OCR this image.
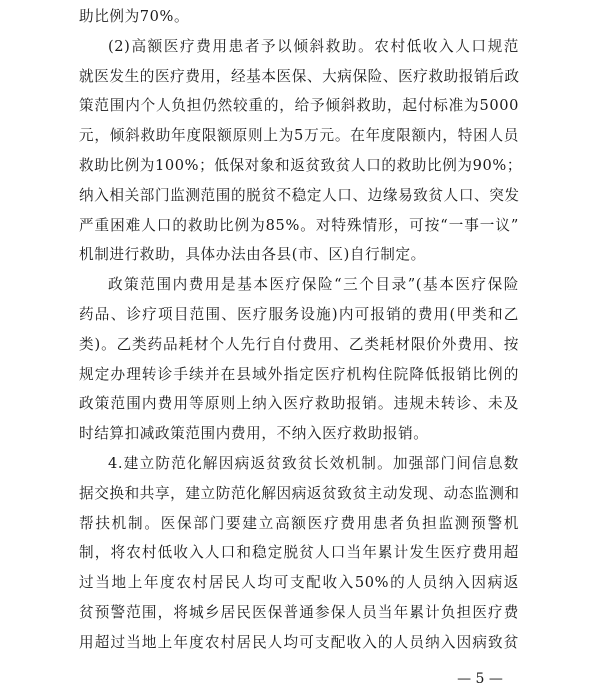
助比例为70%。
(2)高额医疗费用患者予以倾斜救助。农村低收入人口规范
就医发生的医疗费用，经基本医保、大病保险、医疗救助报销后政
策范围内个人负担仍然较重的，给予倾斜救助，起付标准为5000
元，倾斜救助年度限额原则上为5万元。在年度限额内，特困人员
救助比例为100%；低保对象和返贫致贫人口的救助比例为90%；
纳入相关部门监测范围的脱贫不稳定人口、边缘易致贫人口、突发
严重困难人口的救助比例为85%。对特殊情形，可按“一事一议”
机制进行救助，具体办法由各县(市、区)自行制定。
政策范围内费用是基本医疗保险“三个目录”(基本医疗保险
药品、诊疗项目范围、医疗服务设施)内可报销的费用(甲类和乙
类)。乙类药品耗材个人先行自付费用、乙类耗材限价外费用、按
规定办理转诊手续并在县域外指定医疗机构住院降低报销比例的
政策范围内费用等原则上纳入医疗救助报销。违规未转诊、未及
时结算扣减政策范围内费用，不纳入医疗救助报销。
4.建立防范化解因病返贫致贫长效机制。加强部门间信息数
据交换和共享，建立防范化解因病返贫致贫主动发现、动态监测和
帮扶机制。医保部门要建立高额医疗费用患者负担监测预警机
制，将农村低收入人口和稳定脱贫人口当年累计发生医疗费用超
过当地上年度农村居民人均可支配收入50%的人员纳入因病返
贫预警范围，将城乡居民医保普通参保人员当年累计负担医疗费
用超过当地上年度农村居民人均可支配收入的人员纳入因病致贫
— 5 —
